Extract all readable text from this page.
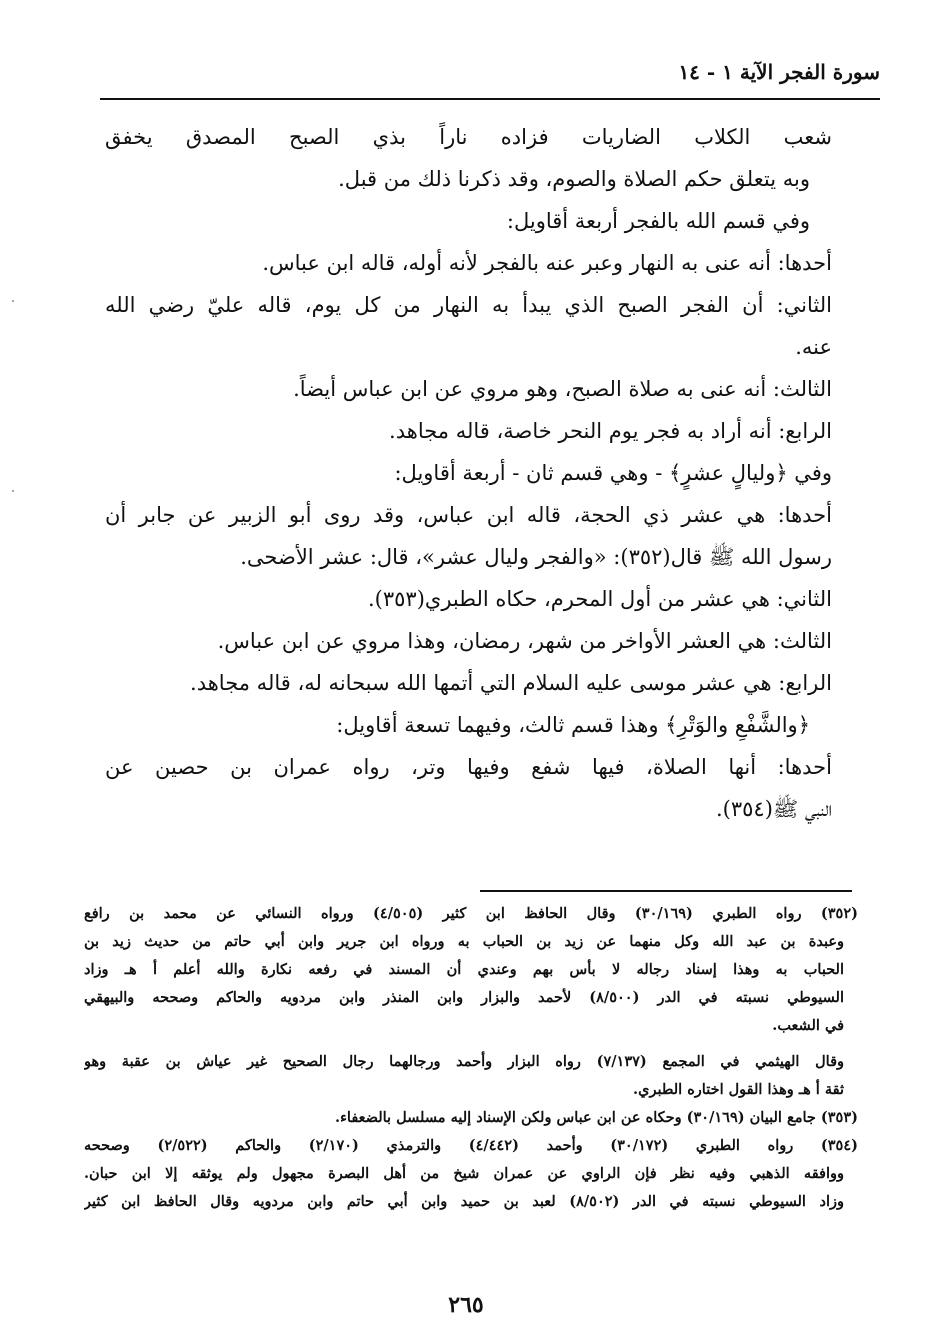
سورة الفجر الآية ١ - ١٤
شعب الكلاب الضاريات فزاده ناراً بذي الصبح المصدق يخفق
وبه يتعلق حكم الصلاة والصوم، وقد ذكرنا ذلك من قبل.
وفي قسم الله بالفجر أربعة أقاويل:
أحدها: أنه عنى به النهار وعبر عنه بالفجر لأنه أوله، قاله ابن عباس.
الثاني: أن الفجر الصبح الذي يبدأ به النهار من كل يوم، قاله عليّ رضي الله
عنه.
الثالث: أنه عنى به صلاة الصبح، وهو مروي عن ابن عباس أيضاً.
الرابع: أنه أراد به فجر يوم النحر خاصة، قاله مجاهد.
وفي ﴿وليالٍ عشرٍ﴾ - وهي قسم ثان - أربعة أقاويل:
أحدها: هي عشر ذي الحجة، قاله ابن عباس، وقد روى أبو الزبير عن جابر أن
رسول الله ﷺ قال(٣٥٢): «والفجر وليال عشر»، قال: عشر الأضحى.
الثاني: هي عشر من أول المحرم، حكاه الطبري(٣٥٣).
الثالث: هي العشر الأواخر من شهر، رمضان، وهذا مروي عن ابن عباس.
الرابع: هي عشر موسى عليه السلام التي أتمها الله سبحانه له، قاله مجاهد.
﴿والشَّفْعِ والوَتْرِ﴾ وهذا قسم ثالث، وفيهما تسعة أقاويل:
أحدها: أنها الصلاة، فيها شفع وفيها وتر، رواه عمران بن حصين عن
النبي ﷺ(٣٥٤).
(٣٥٢) رواه الطبري (٣٠/١٦٩) وقال الحافظ ابن كثير (٤/٥٠٥) ورواه النسائي عن محمد بن رافع
وعبدة بن عبد الله وكل منهما عن زيد بن الحباب به ورواه ابن جرير وابن أبي حاتم من حديث زيد بن
الحباب به وهذا إسناد رجاله لا بأس بهم وعندي أن المسند في رفعه نكارة والله أعلم أ هـ وزاد
السيوطي نسبته في الدر (٨/٥٠٠) لأحمد والبزار وابن المنذر وابن مردويه والحاكم وصححه والبيهقي
في الشعب.
وقال الهيثمي في المجمع (٧/١٣٧) رواه البزار وأحمد ورجالهما رجال الصحيح غير عياش بن عقبة وهو
ثقة أ هـ وهذا القول اختاره الطبري.
(٣٥٣) جامع البيان (٣٠/١٦٩) وحكاه عن ابن عباس ولكن الإسناد إليه مسلسل بالضعفاء.
(٣٥٤) رواه الطبري (٣٠/١٧٢) وأحمد (٤/٤٤٢) والترمذي (٢/١٧٠) والحاكم (٢/٥٢٢) وصححه
ووافقه الذهبي وفيه نظر فإن الراوي عن عمران شيخ من أهل البصرة مجهول ولم يوثقه إلا ابن حبان.
وزاد السيوطي نسبته في الدر (٨/٥٠٢) لعبد بن حميد وابن أبي حاتم وابن مردويه وقال الحافظ ابن كثير
٢٦٥
